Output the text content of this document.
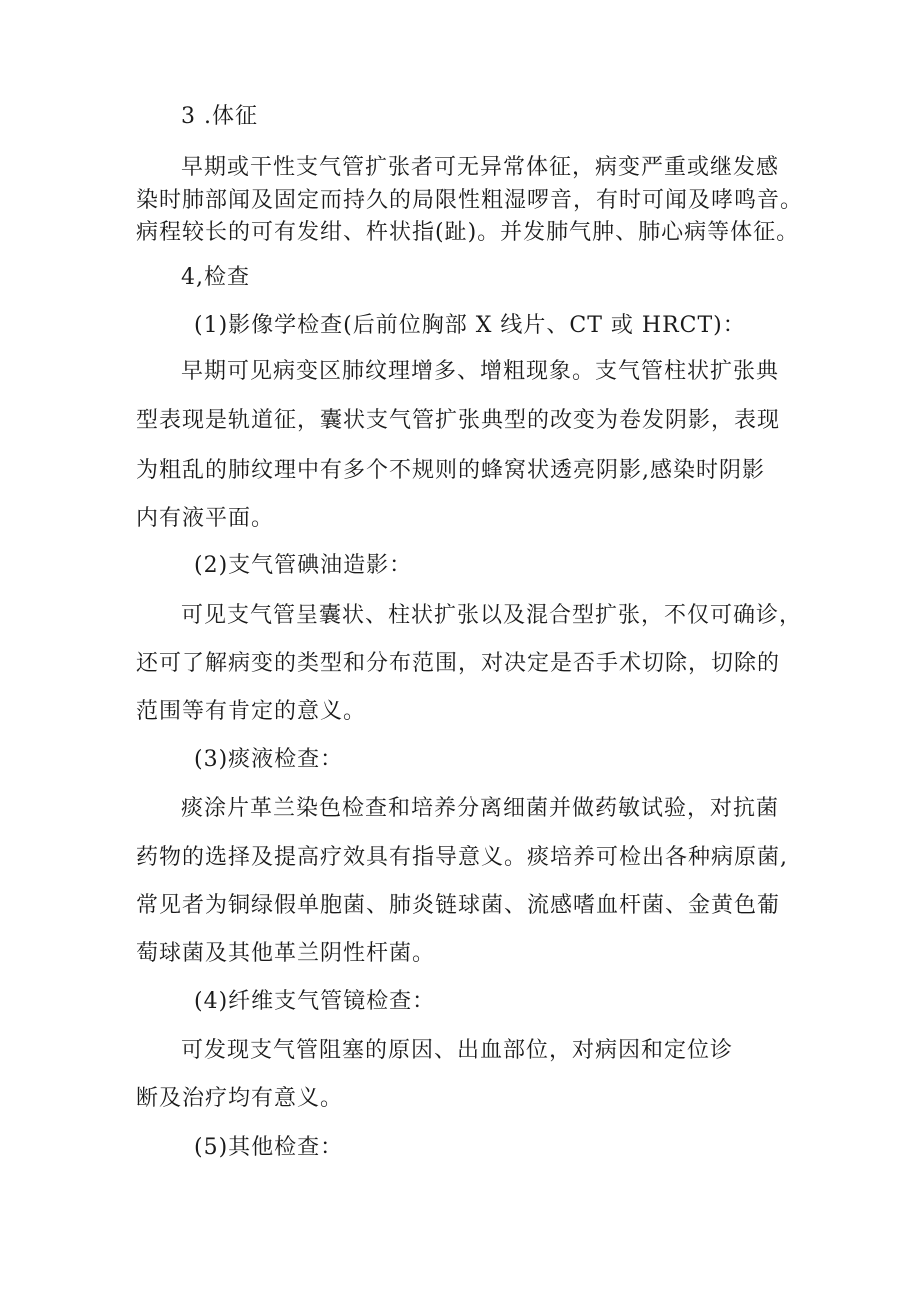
3 .体征
早期或干性支气管扩张者可无异常体征，病变严重或继发感
染时肺部闻及固定而持久的局限性粗湿啰音，有时可闻及哮鸣音。
病程较长的可有发绀、杵状指(趾)。并发肺气肿、肺心病等体征。
4,检查
(1)影像学检查(后前位胸部 X 线片、CT 或 HRCT)：
早期可见病变区肺纹理增多、增粗现象。支气管柱状扩张典
型表现是轨道征，囊状支气管扩张典型的改变为卷发阴影，表现
为粗乱的肺纹理中有多个不规则的蜂窝状透亮阴影,感染时阴影
内有液平面。
(2)支气管碘油造影：
可见支气管呈囊状、柱状扩张以及混合型扩张，不仅可确诊，
还可了解病变的类型和分布范围，对决定是否手术切除，切除的
范围等有肯定的意义。
(3)痰液检查：
痰涂片革兰染色检查和培养分离细菌并做药敏试验，对抗菌
药物的选择及提高疗效具有指导意义。痰培养可检出各种病原菌,
常见者为铜绿假单胞菌、肺炎链球菌、流感嗜血杆菌、金黄色葡
萄球菌及其他革兰阴性杆菌。
(4)纤维支气管镜检查：
可发现支气管阻塞的原因、出血部位，对病因和定位诊
断及治疗均有意义。
(5)其他检查：
